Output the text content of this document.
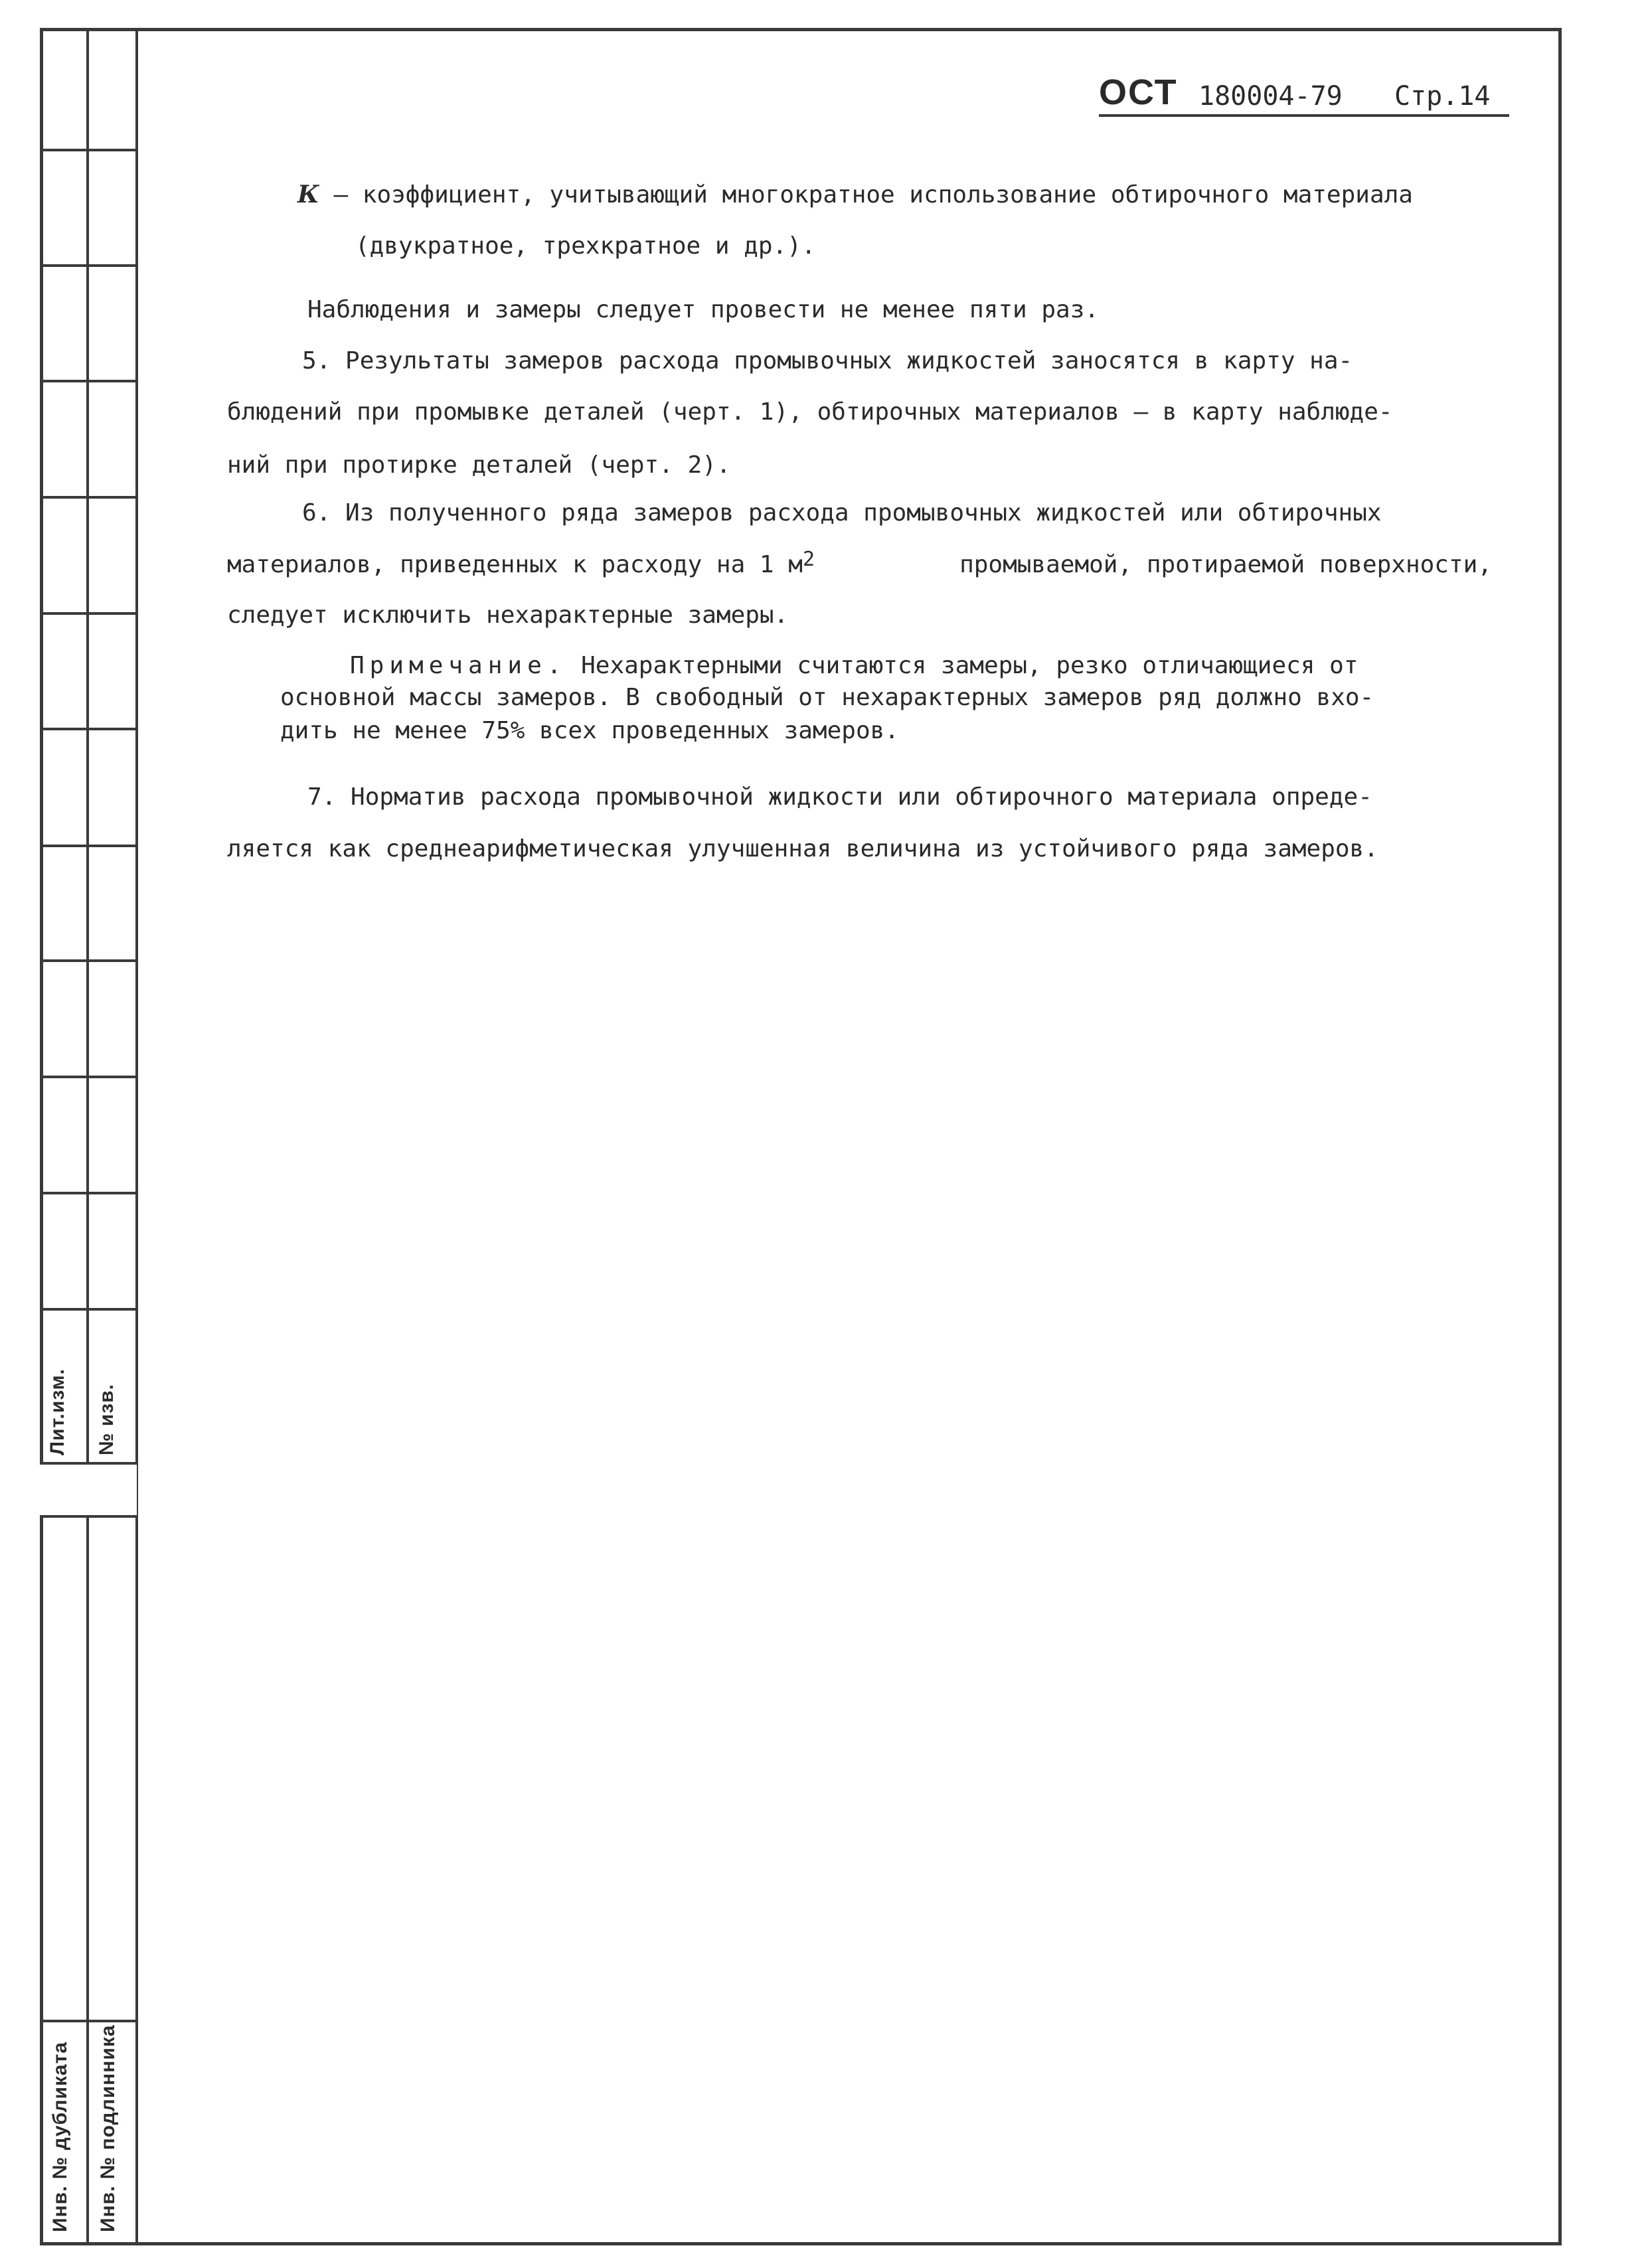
Лит.изм. № изв.
Инв. № дубликата Инв. № подлинника
ОСТ 180004-79 Стр.14
К – коэффициент, учитывающий многократное использование обтирочного материала
(двукратное, трехкратное и др.).
Наблюдения и замеры следует провести не менее пяти раз.
5. Результаты замеров расхода промывочных жидкостей заносятся в карту на-
блюдений при промывке деталей (черт. 1), обтирочных материалов – в карту наблюде-
ний при протирке деталей (черт. 2).
6. Из полученного ряда замеров расхода промывочных жидкостей или обтирочных
материалов, приведенных к расходу на 1 $м^2$	промываемой, протираемой поверхности,
следует исключить нехарактерные замеры.
Примечание. Нехарактерными считаются замеры, резко отличающиеся от
основной массы замеров. В свободный от нехарактерных замеров ряд должно вхо-
дить не менее 75% всех проведенных замеров.
7. Норматив расхода промывочной жидкости или обтирочного материала опреде-
ляется как среднеарифметическая улучшенная величина из устойчивого ряда замеров.
